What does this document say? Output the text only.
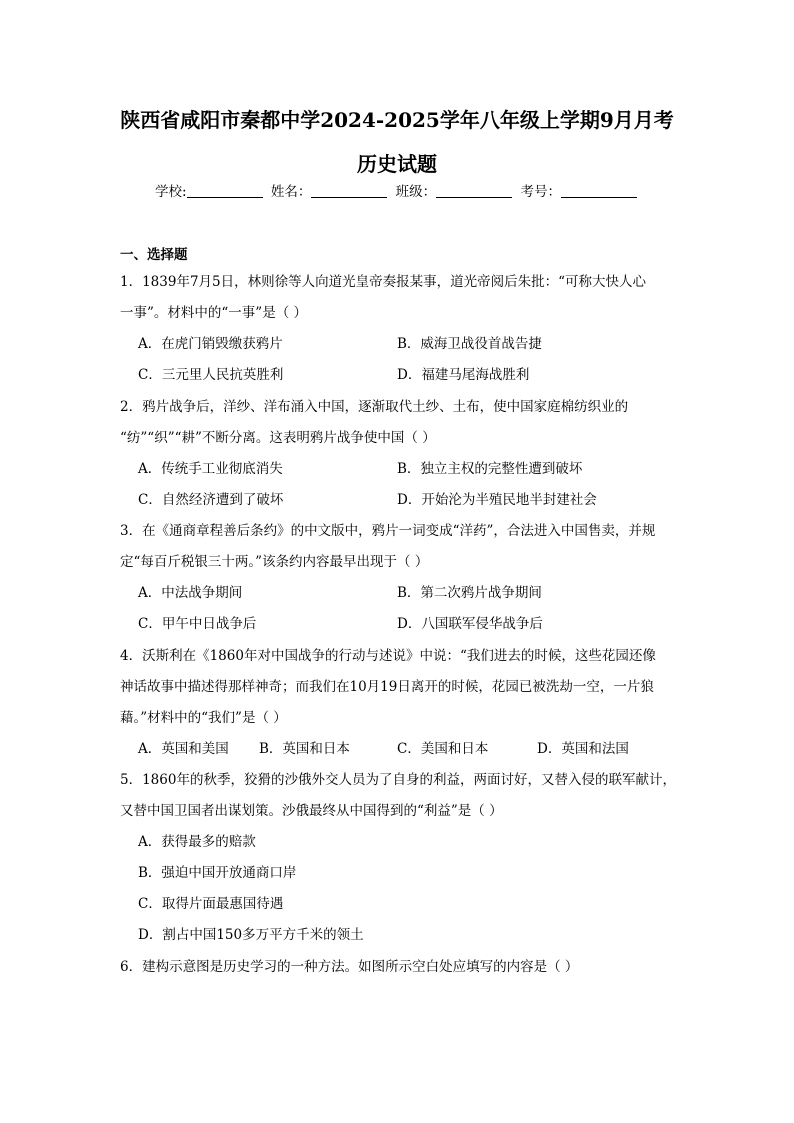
陕西省咸阳市秦都中学2024-2025学年八年级上学期9月月考
历史试题
学校:	姓名：	班级：	考号：
一、选择题
1．1839年7月5日，林则徐等人向道光皇帝奏报某事，道光帝阅后朱批：“可称大快人心
一事”。材料中的“一事”是（ ）
A．在虎门销毁缴获鸦片	B．威海卫战役首战告捷
C．三元里人民抗英胜利	D．福建马尾海战胜利
2．鸦片战争后，洋纱、洋布涌入中国，逐渐取代土纱、土布，使中国家庭棉纺织业的
“纺”“织”“耕”不断分离。这表明鸦片战争使中国（ ）
A．传统手工业彻底消失	B．独立主权的完整性遭到破坏
C．自然经济遭到了破坏	D．开始沦为半殖民地半封建社会
3．在《通商章程善后条约》的中文版中，鸦片一词变成“洋药”，合法进入中国售卖，并规
定“每百斤税银三十两。”该条约内容最早出现于（ ）
A．中法战争期间	B．第二次鸦片战争期间
C．甲午中日战争后	D．八国联军侵华战争后
4．沃斯利在《1860年对中国战争的行动与述说》中说：“我们进去的时候，这些花园还像
神话故事中描述得那样神奇；而我们在10月19日离开的时候，花园已被洗劫一空，一片狼
藉。”材料中的“我们”是（ ）
A．英国和美国 B．英国和日本	C．美国和日本	D．英国和法国
5．1860年的秋季，狡猾的沙俄外交人员为了自身的利益，两面讨好，又替入侵的联军献计，
又替中国卫国者出谋划策。沙俄最终从中国得到的“利益”是（ ）
A．获得最多的赔款
B．强迫中国开放通商口岸
C．取得片面最惠国待遇
D．割占中国150多万平方千米的领土
6．建构示意图是历史学习的一种方法。如图所示空白处应填写的内容是（ ）
